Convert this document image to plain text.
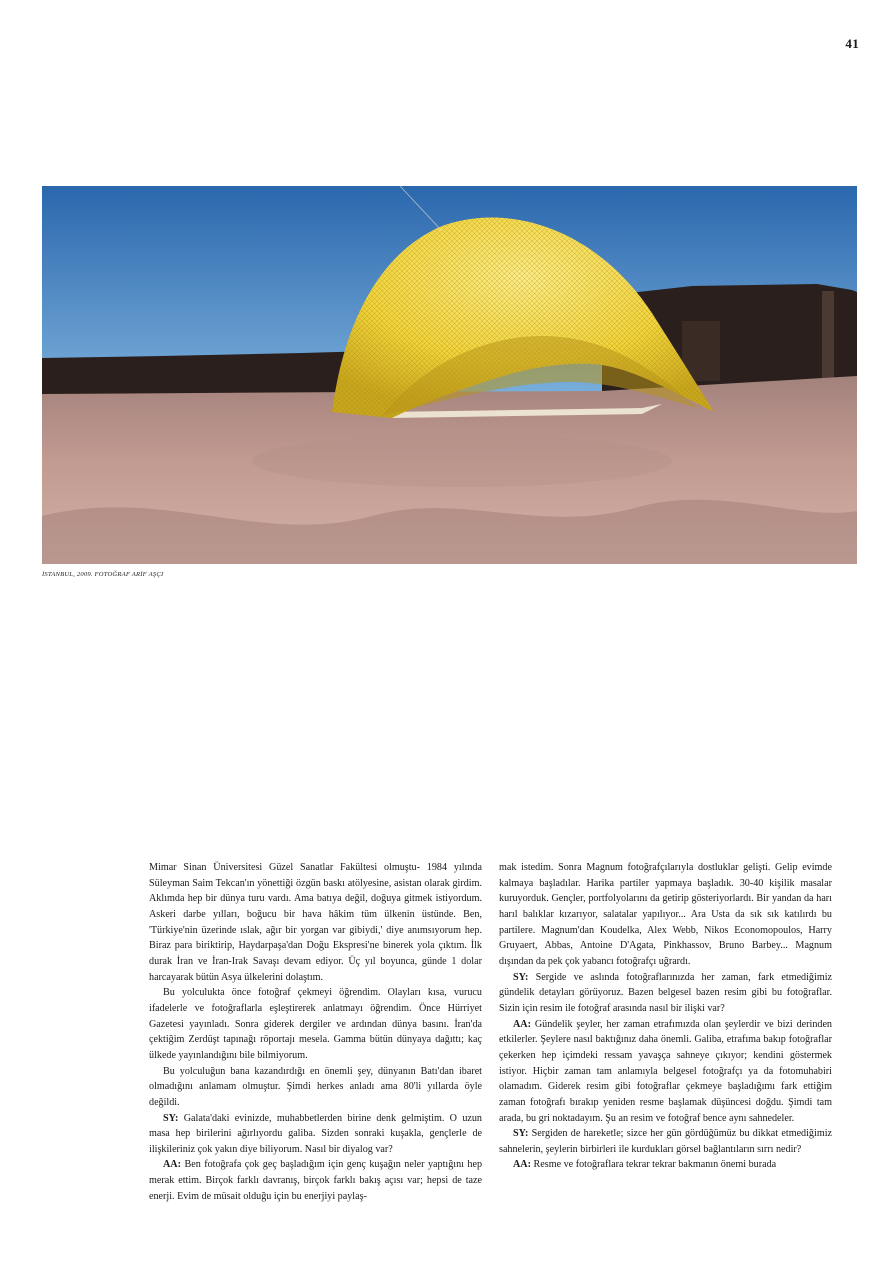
41
İSTANBUL, 2009. FOTOĞRAF ARİF AŞÇI

Mimar Sinan Üniversitesi Güzel Sanatlar Fakültesi olmuştu- 1984 yılında Süleyman Saim Tekcan'ın yönettiği özgün baskı atölyesine, asistan olarak girdim. Aklımda hep bir dünya turu vardı. Ama batıya değil, doğuya gitmek istiyordum. Askeri darbe yılları, boğucu bir hava hâkim tüm ülkenin üstünde. Ben, 'Türkiye'nin üzerinde ıslak, ağır bir yorgan var gibiydi,' diye anımsıyorum hep. Biraz para biriktirip, Haydarpaşa'dan Doğu Ekspresi'ne binerek yola çıktım. İlk durak İran ve İran-Irak Savaşı devam ediyor. Üç yıl boyunca, günde 1 dolar harcayarak bütün Asya ülkelerini dolaştım.

Bu yolculukta önce fotoğraf çekmeyi öğrendim. Olayları kısa, vurucu ifadelerle ve fotoğraflarla eşleştirerek anlatmayı öğrendim. Önce Hürriyet Gazetesi yayınladı. Sonra giderek dergiler ve ardından dünya basını. İran'da çektiğim Zerdüşt tapınağı röportajı mesela. Gamma bütün dünyaya dağıttı; kaç ülkede yayınlandığını bile bilmiyorum.

Bu yolculuğun bana kazandırdığı en önemli şey, dünyanın Batı'dan ibaret olmadığını anlamam olmuştur. Şimdi herkes anladı ama 80'li yıllarda öyle değildi.

SY: Galata'daki evinizde, muhabbetlerden birine denk gelmiştim. O uzun masa hep birilerini ağırlıyordu galiba. Sizden sonraki kuşakla, gençlerle de ilişkileriniz çok yakın diye biliyorum. Nasıl bir diyalog var?

AA: Ben fotoğrafa çok geç başladığım için genç kuşağın neler yaptığını hep merak ettim. Birçok farklı davranış, birçok farklı bakış açısı var; hepsi de taze enerji. Evim de müsait olduğu için bu enerjiyi paylaş-

mak istedim. Sonra Magnum fotoğrafçılarıyla dostluklar gelişti. Gelip evimde kalmaya başladılar. Harika partiler yapmaya başladık. 30-40 kişilik masalar kuruyorduk. Gençler, portfolyolarını da getirip gösteriyorlardı. Bir yandan da harı harıl balıklar kızarıyor, salatalar yapılıyor... Ara Usta da sık sık katılırdı bu partilere. Magnum'dan Koudelka, Alex Webb, Nikos Economopoulos, Harry Gruyaert, Abbas, Antoine D'Agata, Pinkhassov, Bruno Barbey... Magnum dışından da pek çok yabancı fotoğrafçı uğrardı.

SY: Sergide ve aslında fotoğraflarınızda her zaman, fark etmediğimiz gündelik detayları görüyoruz. Bazen belgesel bazen resim gibi bu fotoğraflar. Sizin için resim ile fotoğraf arasında nasıl bir ilişki var?

AA: Gündelik şeyler, her zaman etrafımızda olan şeylerdir ve bizi derinden etkilerler. Şeylere nasıl baktığınız daha önemli. Galiba, etrafıma bakıp fotoğraflar çekerken hep içimdeki ressam yavaşça sahneye çıkıyor; kendini göstermek istiyor. Hiçbir zaman tam anlamıyla belgesel fotoğrafçı ya da fotomuhabiri olamadım. Giderek resim gibi fotoğraflar çekmeye başladığımı fark ettiğim zaman fotoğrafı bırakıp yeniden resme başlamak düşüncesi doğdu. Şimdi tam arada, bu gri noktadayım. Şu an resim ve fotoğraf bence aynı sahnedeler.

SY: Sergiden de hareketle; sizce her gün gördüğümüz bu dikkat etmediğimiz sahnelerin, şeylerin birbirleri ile kurdukları görsel bağlantıların sırrı nedir?

AA: Resme ve fotoğraflara tekrar tekrar bakmanın önemi burada
